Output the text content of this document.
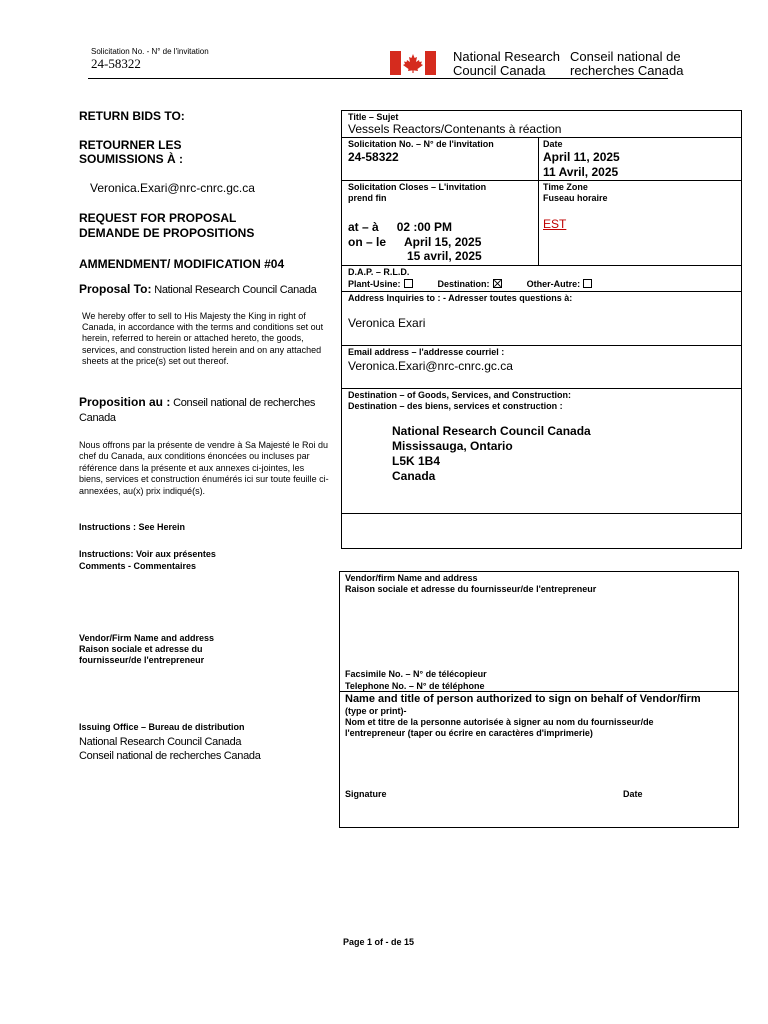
Solicitation No. - N° de l'invitation
24-58322	National Research
Council Canada
Conseil national de
recherches Canada
RETURN BIDS TO:
RETOURNER LES
SOUMISSIONS À :
Veronica.Exari@nrc-cnrc.gc.ca
REQUEST FOR PROPOSAL
DEMANDE DE PROPOSITIONS
AMMENDMENT/ MODIFICATION #04
Proposal To: National Research Council Canada
We hereby offer to sell to His Majesty the King in right of Canada, in accordance with the terms and conditions set out herein, referred to herein or attached hereto, the goods, services, and construction listed herein and on any attached sheets at the price(s) set out thereof.
Proposition au : Conseil national de recherches Canada
Nous offrons par la présente de vendre à Sa Majesté le Roi du chef du Canada, aux conditions énoncées ou incluses par référence dans la présente et aux annexes ci-jointes, les biens, services et construction énumérés ici sur toute feuille ci-annexées, au(x) prix indiqué(s).
Instructions : See Herein
Instructions: Voir aux présentes
Comments - Commentaires
Vendor/Firm Name and address
Raison sociale et adresse du
fournisseur/de l'entrepreneur
Issuing Office – Bureau de distribution
National Research Council Canada
Conseil national de recherches Canada
Title – Sujet
Vessels Reactors/Contenants à réaction
Solicitation No. – N° de l'invitation
24-58322
Date
April 11, 2025
11 Avril, 2025
Solicitation Closes – L'invitation
prend fin
at – à 02 :00 PM
on – le April 15, 2025
15 avril, 2025
Time Zone
Fuseau horaire
EST
D.A.P. – R.L.D.
Plant-Usine:	Destination:	Other-Autre:
Address Inquiries to : - Adresser toutes questions à:
Veronica Exari
Email address – l'addresse courriel :
Veronica.Exari@nrc-cnrc.gc.ca
Destination – of Goods, Services, and Construction:
Destination – des biens, services et construction :
National Research Council Canada
Mississauga, Ontario
L5K 1B4
Canada
Vendor/firm Name and address
Raison sociale et adresse du fournisseur/de l'entrepreneur
Facsimile No. – N° de télécopieur
Telephone No. – N° de téléphone
Name and title of person authorized to sign on behalf of Vendor/firm
(type or print)-
Nom et titre de la personne autorisée à signer au nom du fournisseur/de
l'entrepreneur (taper ou écrire en caractères d'imprimerie)
Signature	Date
Page 1 of - de 15
